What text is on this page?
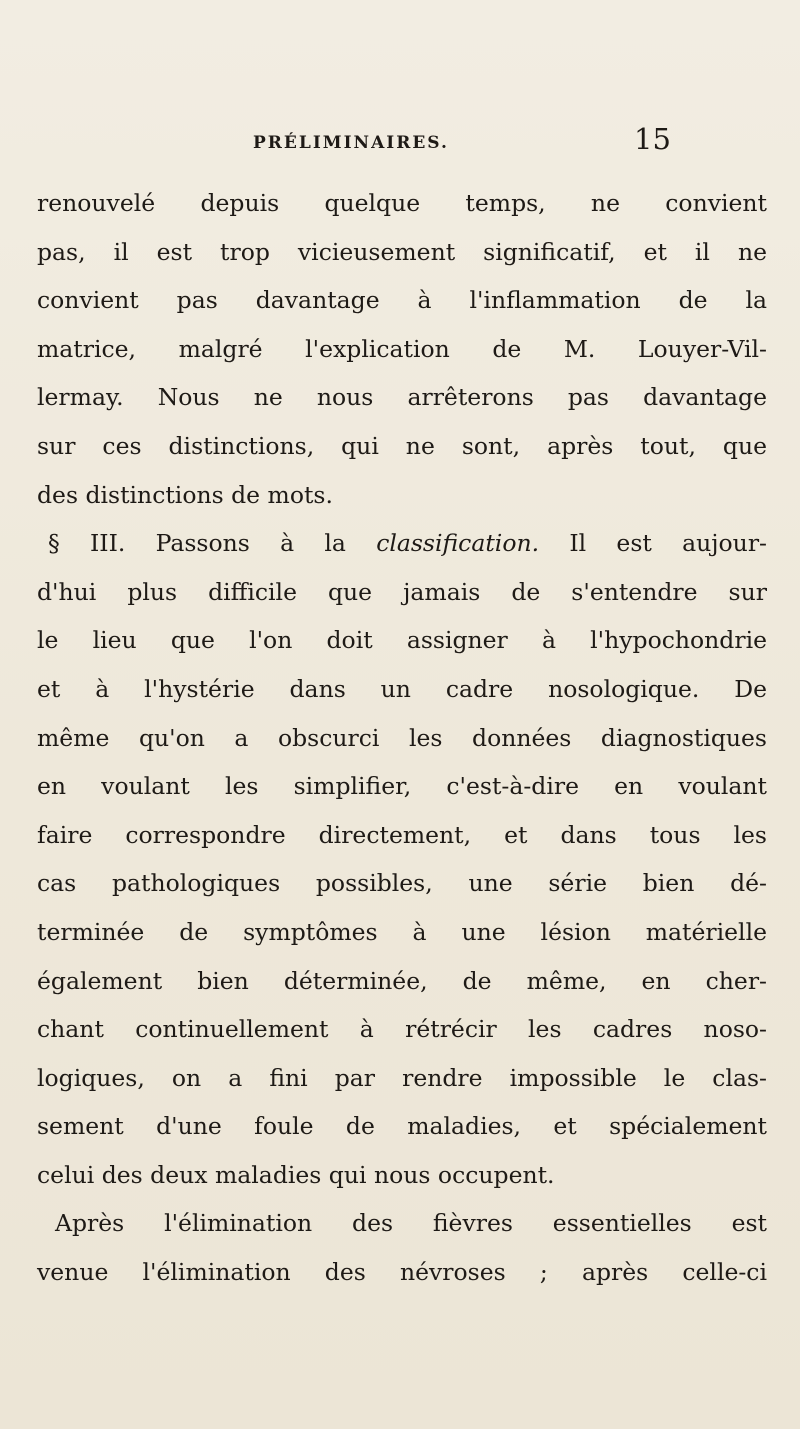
PRÉLIMINAIRES.	15
renouvelé depuis quelque temps, ne convient
pas, il est trop vicieusement significatif, et il ne
convient pas davantage à l'inflammation de la
matrice, malgré l'explication de M. Louyer-Vil-
lermay. Nous ne nous arrêterons pas davantage
sur ces distinctions, qui ne sont, après tout, que
des distinctions de mots.
§ III. Passons à la classification. Il est aujour-
d'hui plus difficile que jamais de s'entendre sur
le lieu que l'on doit assigner à l'hypochondrie
et à l'hystérie dans un cadre nosologique. De
même qu'on a obscurci les données diagnostiques
en voulant les simplifier, c'est-à-dire en voulant
faire correspondre directement, et dans tous les
cas pathologiques possibles, une série bien dé-
terminée de symptômes à une lésion matérielle
également bien déterminée, de même, en cher-
chant continuellement à rétrécir les cadres noso-
logiques, on a fini par rendre impossible le clas-
sement d'une foule de maladies, et spécialement
celui des deux maladies qui nous occupent.
Après l'élimination des fièvres essentielles est
venue l'élimination des névroses ; après celle-ci
